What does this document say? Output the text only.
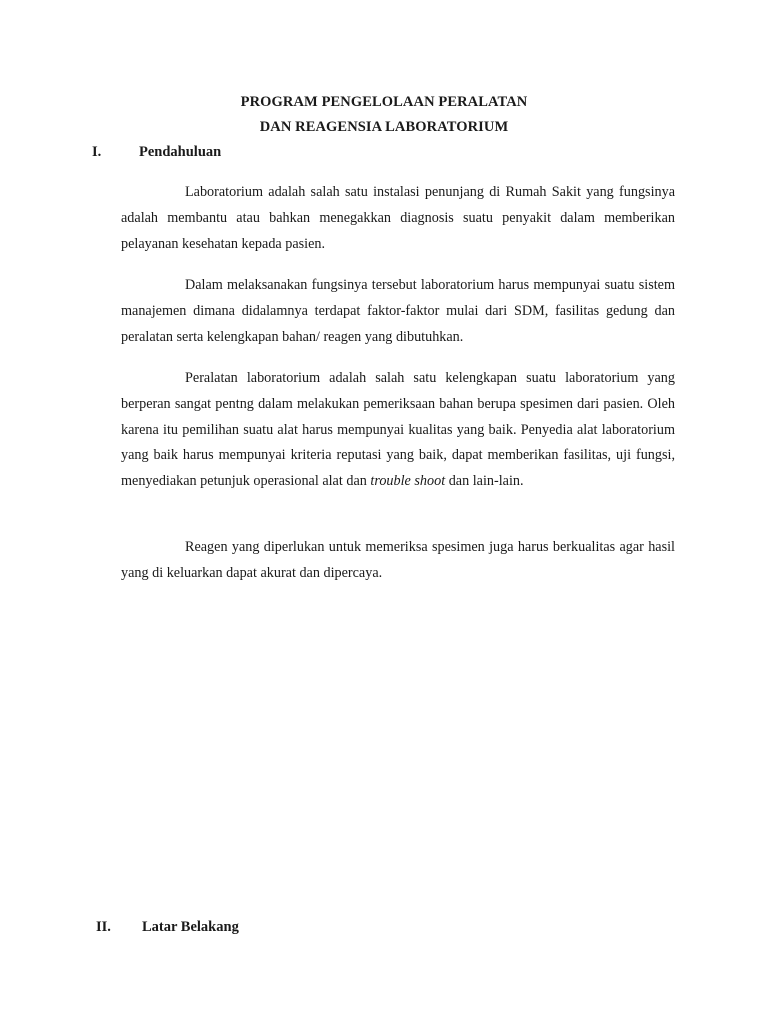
PROGRAM PENGELOLAAN PERALATAN
DAN REAGENSIA LABORATORIUM
I.	Pendahuluan

Laboratorium adalah salah satu instalasi penunjang di Rumah Sakit yang fungsinya adalah membantu atau bahkan menegakkan diagnosis suatu penyakit dalam memberikan pelayanan kesehatan kepada pasien.

Dalam melaksanakan fungsinya tersebut laboratorium harus mempunyai suatu sistem manajemen dimana didalamnya terdapat faktor-faktor mulai dari SDM, fasilitas gedung dan peralatan serta kelengkapan bahan/ reagen yang dibutuhkan.

Peralatan laboratorium adalah salah satu kelengkapan suatu laboratorium yang berperan sangat pentng dalam melakukan pemeriksaan bahan berupa spesimen dari pasien. Oleh karena itu pemilihan suatu alat harus mempunyai kualitas yang baik. Penyedia alat laboratorium yang baik harus mempunyai kriteria reputasi yang baik, dapat memberikan fasilitas, uji fungsi, menyediakan petunjuk operasional alat dan trouble shoot dan lain-lain.

Reagen yang diperlukan untuk memeriksa spesimen juga harus berkualitas agar hasil yang di keluarkan dapat akurat dan dipercaya.

II. Latar Belakang
